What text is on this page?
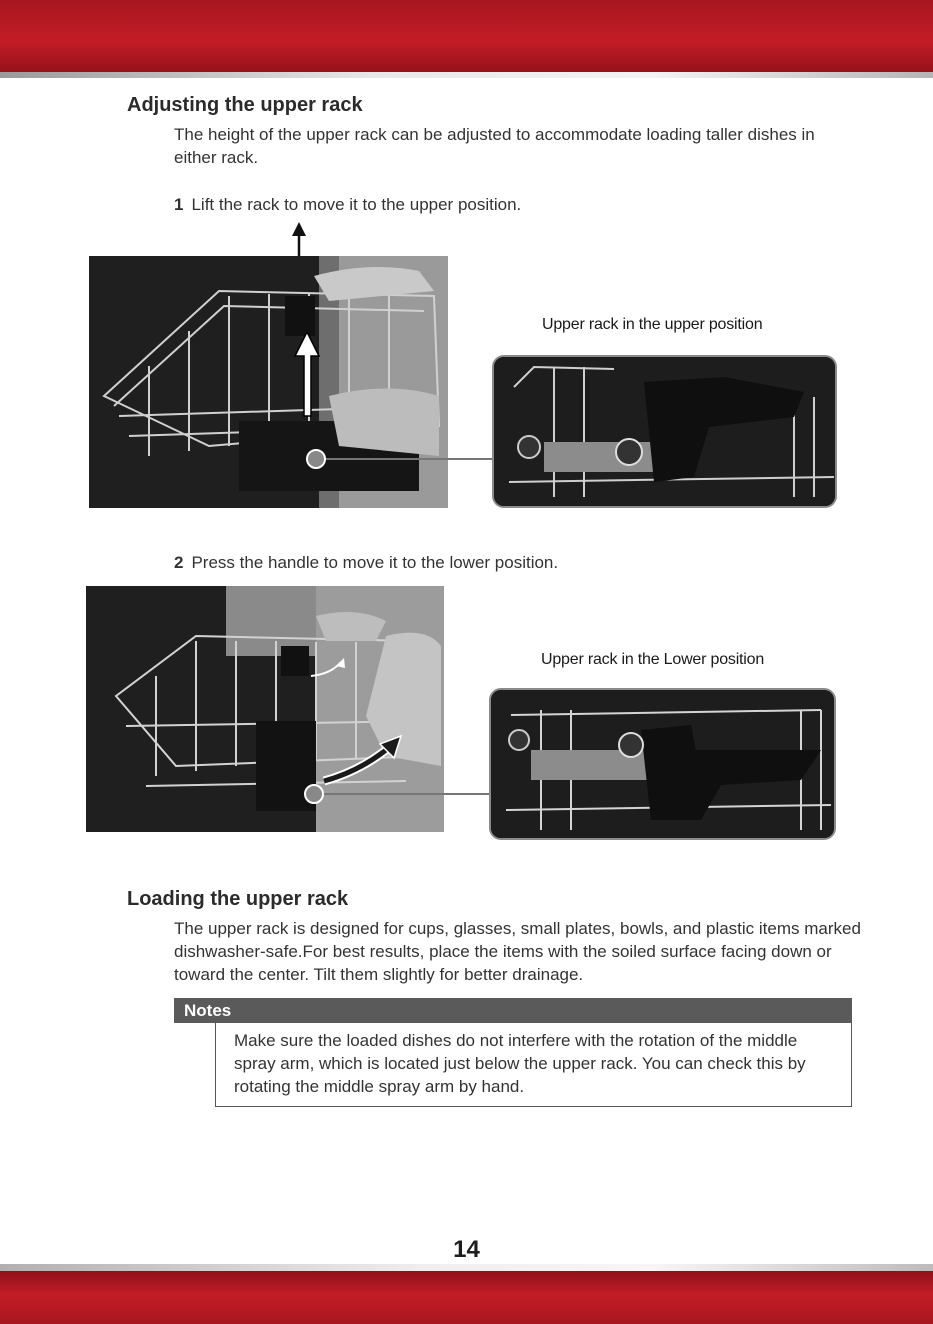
Adjusting the upper rack

The height of the upper rack can be adjusted to accommodate loading taller dishes in either rack.

1 Lift the rack to move it to the upper position.

Upper rack in the upper position

2 Press the handle to move it to the lower position.

Upper rack in the Lower position

Loading the upper rack

The upper rack is designed for cups, glasses, small plates, bowls, and plastic items marked dishwasher-safe.For best results, place the items with the soiled surface facing down or toward the center. Tilt them slightly for better drainage.

Notes
Make sure the loaded dishes do not interfere with the rotation of the middle spray arm, which is located just below the upper rack. You can check this by rotating the middle spray arm by hand.
14
